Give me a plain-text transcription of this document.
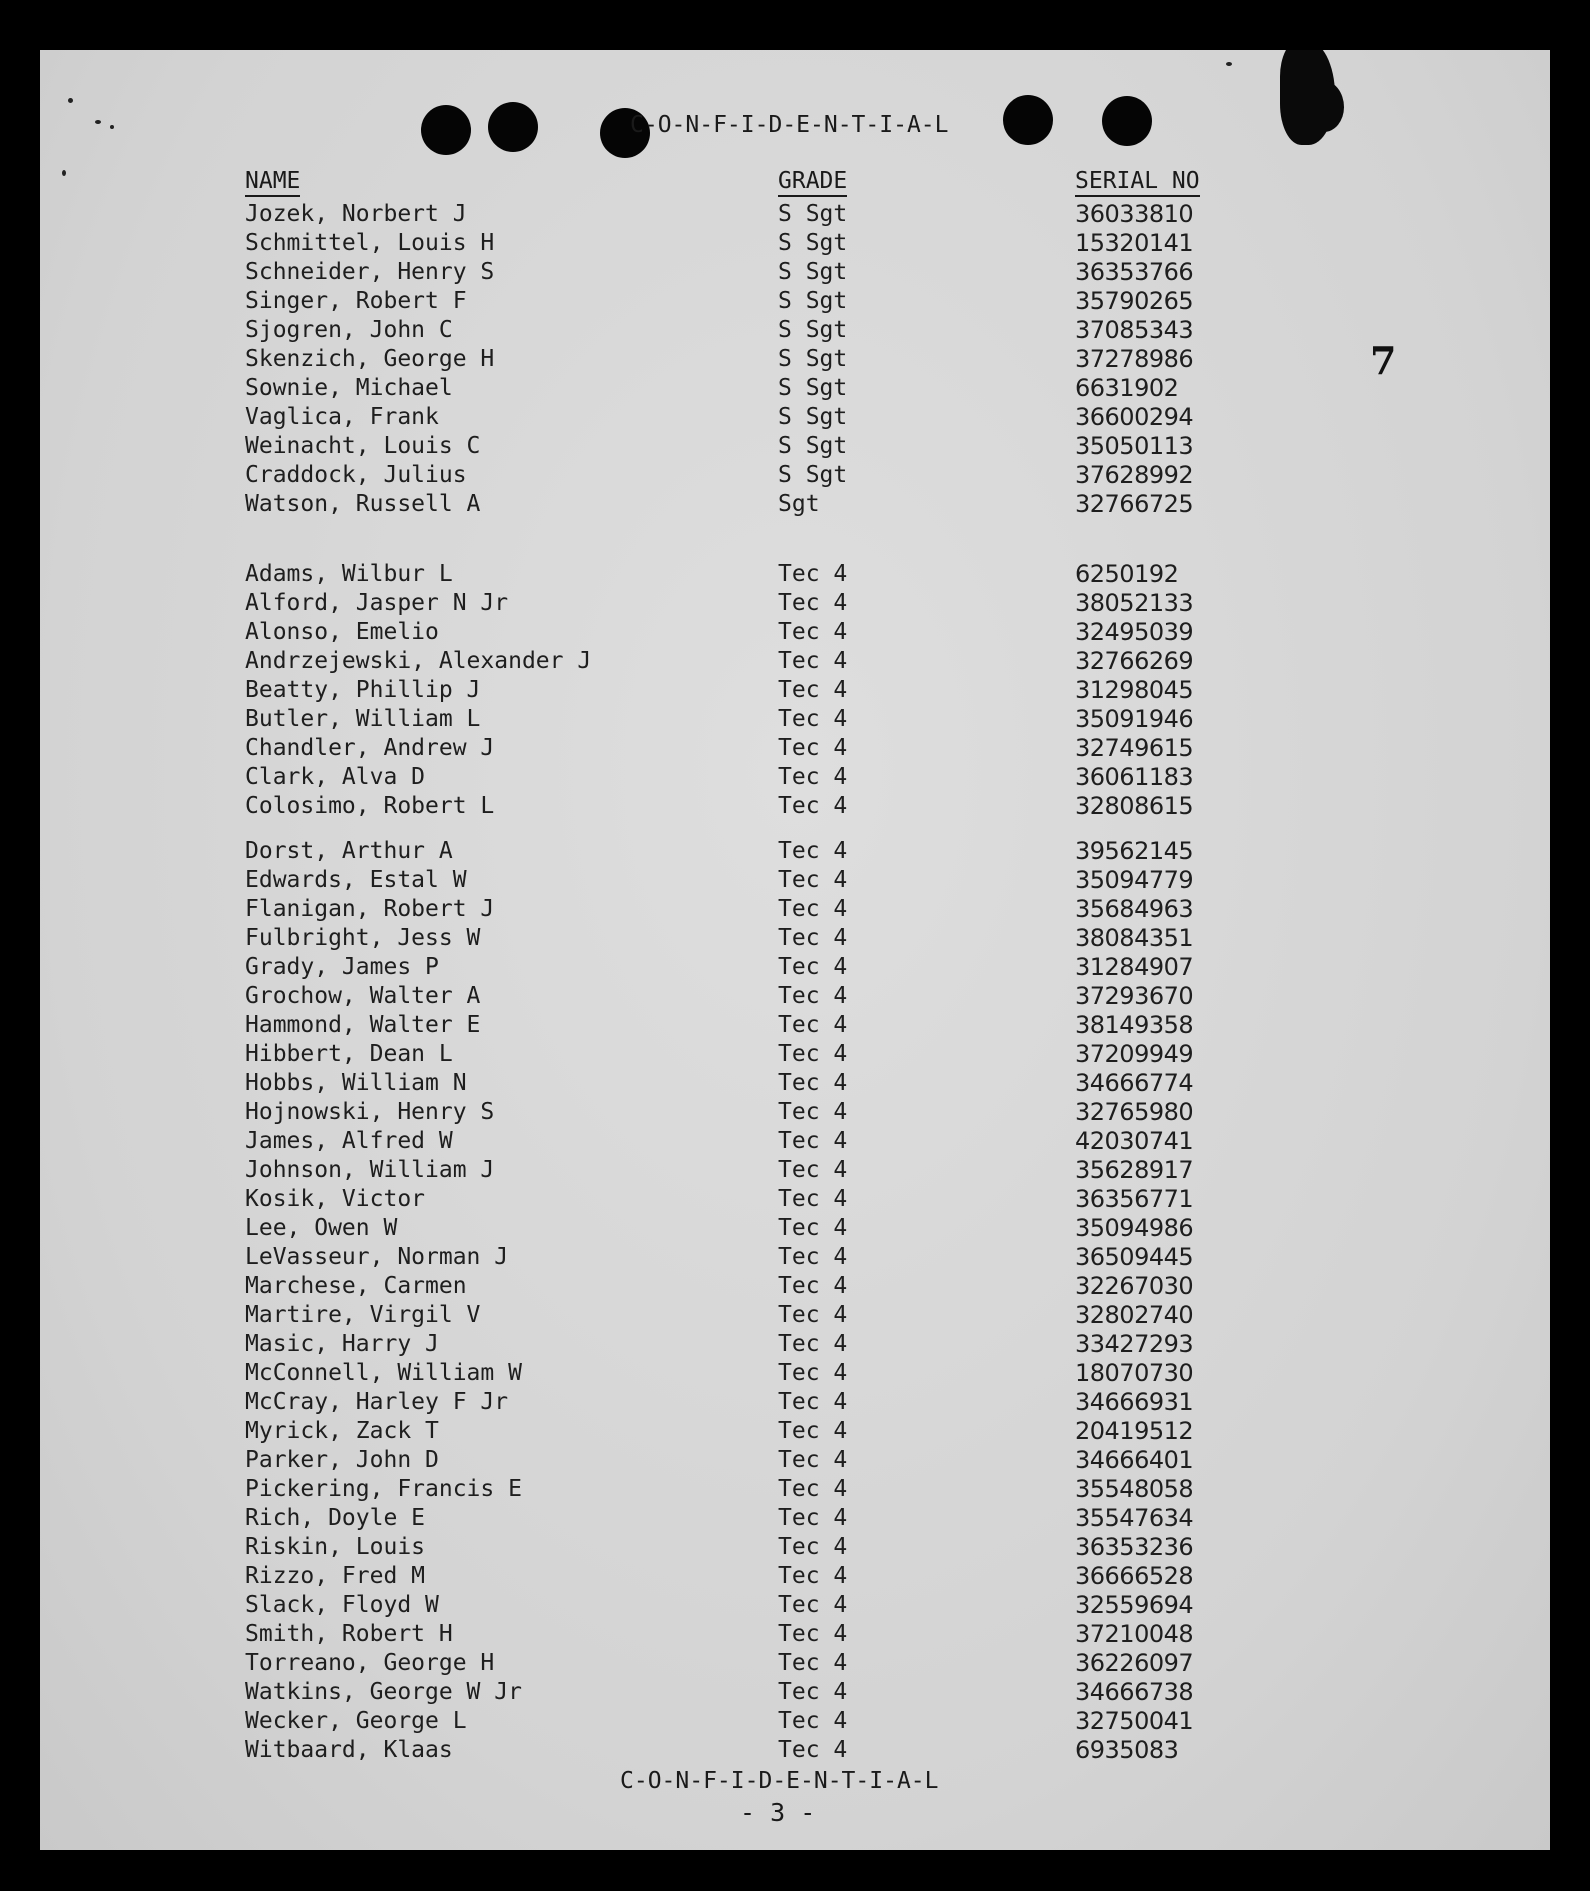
C-O-N-F-I-D-E-N-T-I-A-L
NAME	GRADE	SERIAL NO
7
Jozek, Norbert J	S Sgt	36033810
Schmittel, Louis H	S Sgt	15320141
Schneider, Henry S	S Sgt	36353766
Singer, Robert F	S Sgt	35790265
Sjogren, John C	S Sgt	37085343
Skenzich, George H	S Sgt	37278986
Sownie, Michael	S Sgt	6631902
Vaglica, Frank	S Sgt	36600294
Weinacht, Louis C	S Sgt	35050113
Craddock, Julius	S Sgt	37628992
Watson, Russell A	Sgt	32766725
Adams, Wilbur L	Tec 4	6250192
Alford, Jasper N Jr	Tec 4	38052133
Alonso, Emelio	Tec 4	32495039
Andrzejewski, Alexander J	Tec 4	32766269
Beatty, Phillip J	Tec 4	31298045
Butler, William L	Tec 4	35091946
Chandler, Andrew J	Tec 4	32749615
Clark, Alva D	Tec 4	36061183
Colosimo, Robert L	Tec 4	32808615
Dorst, Arthur A	Tec 4	39562145
Edwards, Estal W	Tec 4	35094779
Flanigan, Robert J	Tec 4	35684963
Fulbright, Jess W	Tec 4	38084351
Grady, James P	Tec 4	31284907
Grochow, Walter A	Tec 4	37293670
Hammond, Walter E	Tec 4	38149358
Hibbert, Dean L	Tec 4	37209949
Hobbs, William N	Tec 4	34666774
Hojnowski, Henry S	Tec 4	32765980
James, Alfred W	Tec 4	42030741
Johnson, William J	Tec 4	35628917
Kosik, Victor	Tec 4	36356771
Lee, Owen W	Tec 4	35094986
LeVasseur, Norman J	Tec 4	36509445
Marchese, Carmen	Tec 4	32267030
Martire, Virgil V	Tec 4	32802740
Masic, Harry J	Tec 4	33427293
McConnell, William W	Tec 4	18070730
McCray, Harley F Jr	Tec 4	34666931
Myrick, Zack T	Tec 4	20419512
Parker, John D	Tec 4	34666401
Pickering, Francis E	Tec 4	35548058
Rich, Doyle E	Tec 4	35547634
Riskin, Louis	Tec 4	36353236
Rizzo, Fred M	Tec 4	36666528
Slack, Floyd W	Tec 4	32559694
Smith, Robert H	Tec 4	37210048
Torreano, George H	Tec 4	36226097
Watkins, George W Jr	Tec 4	34666738
Wecker, George L	Tec 4	32750041
Witbaard, Klaas	Tec 4	6935083
C-O-N-F-I-D-E-N-T-I-A-L
- 3 -
